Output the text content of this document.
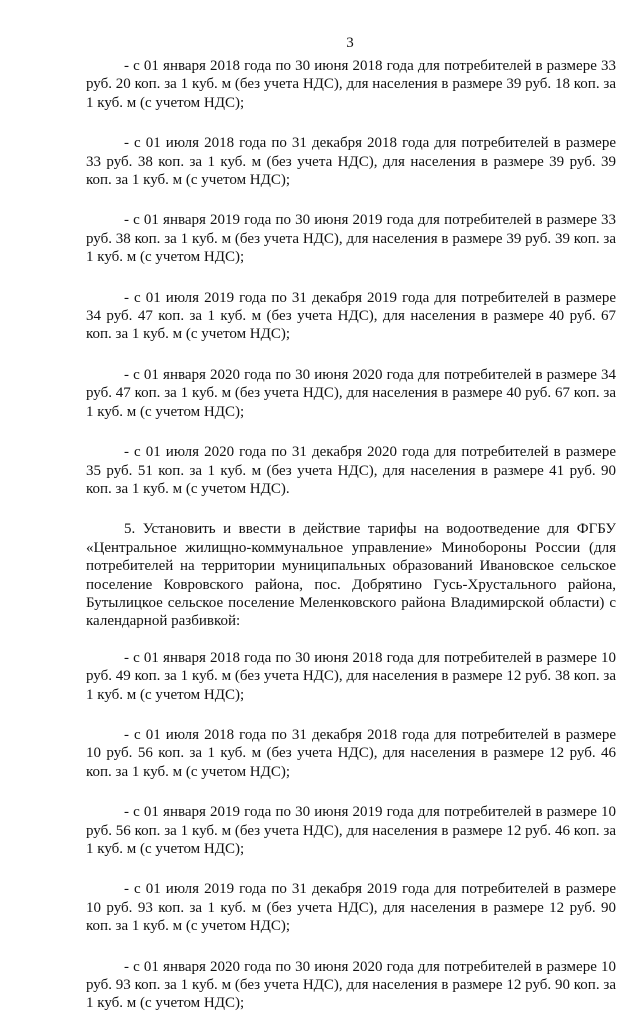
3

- с 01 января 2018 года по 30 июня 2018 года для потребителей в размере 33 руб. 20 коп. за 1 куб. м (без учета НДС), для населения в размере 39 руб. 18 коп. за 1 куб. м (с учетом НДС);

- с 01 июля 2018 года по 31 декабря 2018 года для потребителей в размере 33 руб. 38 коп. за 1 куб. м (без учета НДС), для населения в размере 39 руб. 39 коп. за 1 куб. м (с учетом НДС);

- с 01 января 2019 года по 30 июня 2019 года для потребителей в размере 33 руб. 38 коп. за 1 куб. м (без учета НДС), для населения в размере 39 руб. 39 коп. за 1 куб. м (с учетом НДС);

- с 01 июля 2019 года по 31 декабря 2019 года для потребителей в размере 34 руб. 47 коп. за 1 куб. м (без учета НДС), для населения в размере 40 руб. 67 коп. за 1 куб. м (с учетом НДС);

- с 01 января 2020 года по 30 июня 2020 года для потребителей в размере 34 руб. 47 коп. за 1 куб. м (без учета НДС), для населения в размере 40 руб. 67 коп. за 1 куб. м (с учетом НДС);

- с 01 июля 2020 года по 31 декабря 2020 года для потребителей в размере 35 руб. 51 коп. за 1 куб. м (без учета НДС), для населения в размере 41 руб. 90 коп. за 1 куб. м (с учетом НДС).

5. Установить и ввести в действие тарифы на водоотведение для ФГБУ «Центральное жилищно-коммунальное управление» Минобороны России (для потребителей на территории муниципальных образований Ивановское сельское поселение Ковровского района, пос. Добрятино Гусь-Хрустального района, Бутылицкое сельское поселение Меленковского района Владимирской области) с календарной разбивкой:

- с 01 января 2018 года по 30 июня 2018 года для потребителей в размере 10 руб. 49 коп. за 1 куб. м (без учета НДС), для населения в размере 12 руб. 38 коп. за 1 куб. м (с учетом НДС);

- с 01 июля 2018 года по 31 декабря 2018 года для потребителей в размере 10 руб. 56 коп. за 1 куб. м (без учета НДС), для населения в размере 12 руб. 46 коп. за 1 куб. м (с учетом НДС);

- с 01 января 2019 года по 30 июня 2019 года для потребителей в размере 10 руб. 56 коп. за 1 куб. м (без учета НДС), для населения в размере 12 руб. 46 коп. за 1 куб. м (с учетом НДС);

- с 01 июля 2019 года по 31 декабря 2019 года для потребителей в размере 10 руб. 93 коп. за 1 куб. м (без учета НДС), для населения в размере 12 руб. 90 коп. за 1 куб. м (с учетом НДС);

- с 01 января 2020 года по 30 июня 2020 года для потребителей в размере 10 руб. 93 коп. за 1 куб. м (без учета НДС), для населения в размере 12 руб. 90 коп. за 1 куб. м (с учетом НДС);
